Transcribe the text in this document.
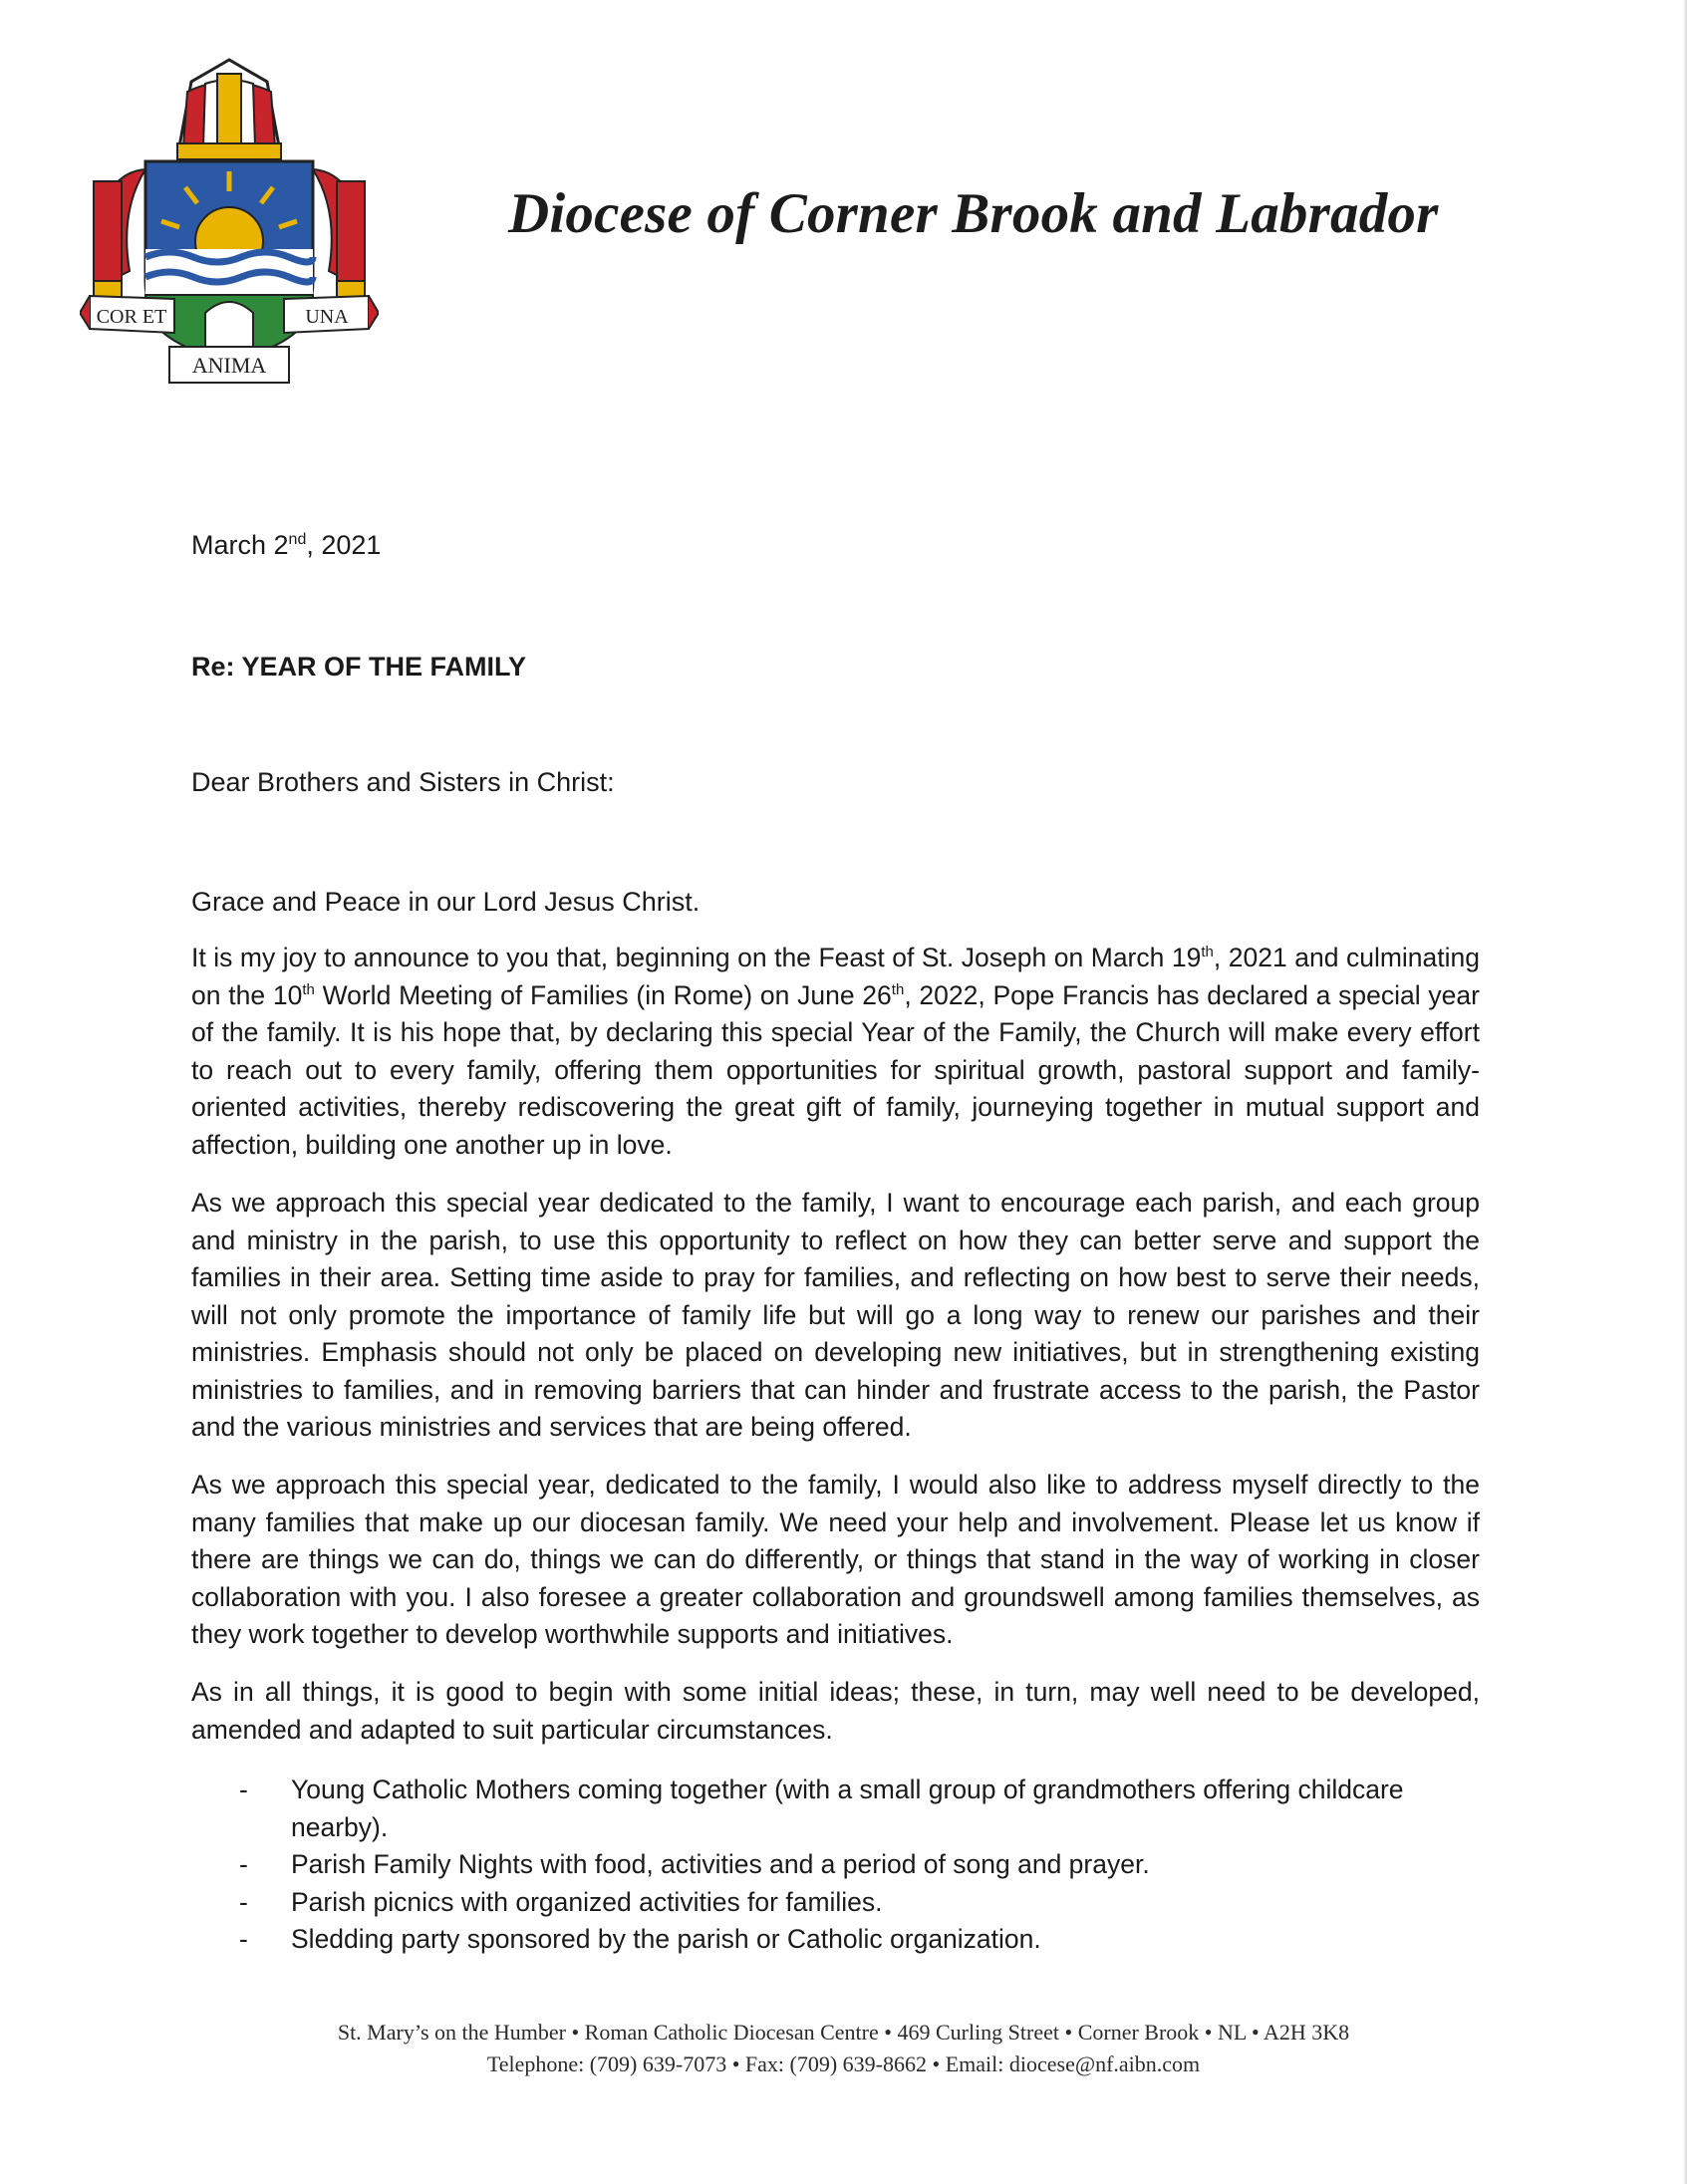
COR ET	UNA
ANIMA
Diocese of Corner Brook and Labrador
March 2nd, 2021
Re: YEAR OF THE FAMILY
Dear Brothers and Sisters in Christ:
Grace and Peace in our Lord Jesus Christ.
It is my joy to announce to you that, beginning on the Feast of St. Joseph on March 19th, 2021 and culminating on the 10th World Meeting of Families (in Rome) on June 26th, 2022, Pope Francis has declared a special year of the family. It is his hope that, by declaring this special Year of the Family, the Church will make every effort to reach out to every family, offering them opportunities for spiritual growth, pastoral support and family-oriented activities, thereby rediscovering the great gift of family, journeying together in mutual support and affection, building one another up in love.
As we approach this special year dedicated to the family, I want to encourage each parish, and each group and ministry in the parish, to use this opportunity to reflect on how they can better serve and support the families in their area. Setting time aside to pray for families, and reflecting on how best to serve their needs, will not only promote the importance of family life but will go a long way to renew our parishes and their ministries. Emphasis should not only be placed on developing new initiatives, but in strengthening existing ministries to families, and in removing barriers that can hinder and frustrate access to the parish, the Pastor and the various ministries and services that are being offered.
As we approach this special year, dedicated to the family, I would also like to address myself directly to the many families that make up our diocesan family. We need your help and involvement. Please let us know if there are things we can do, things we can do differently, or things that stand in the way of working in closer collaboration with you. I also foresee a greater collaboration and groundswell among families themselves, as they work together to develop worthwhile supports and initiatives.
As in all things, it is good to begin with some initial ideas; these, in turn, may well need to be developed, amended and adapted to suit particular circumstances.
- Young Catholic Mothers coming together (with a small group of grandmothers offering childcare nearby).
- Parish Family Nights with food, activities and a period of song and prayer.
- Parish picnics with organized activities for families.
- Sledding party sponsored by the parish or Catholic organization.
St. Mary’s on the Humber • Roman Catholic Diocesan Centre • 469 Curling Street • Corner Brook • NL • A2H 3K8
Telephone: (709) 639-7073 • Fax: (709) 639-8662 • Email: diocese@nf.aibn.com
